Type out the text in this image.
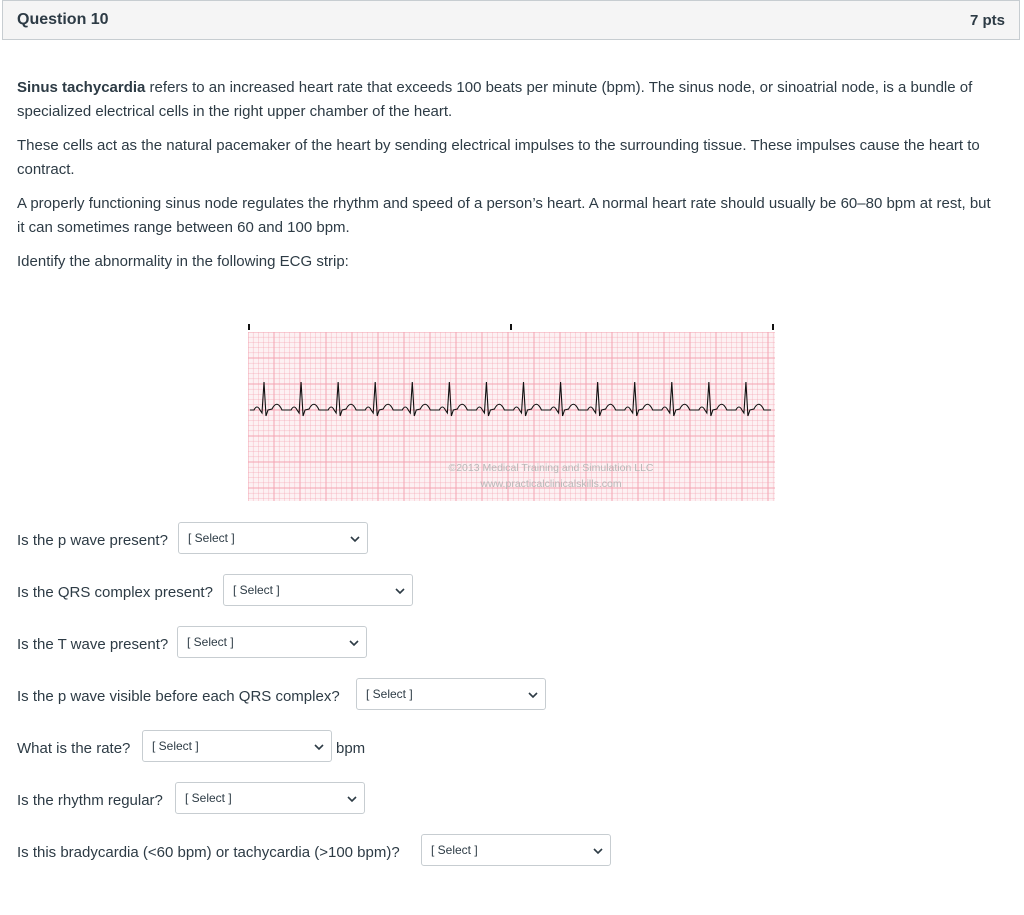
Question 10	7 pts

Sinus tachycardia refers to an increased heart rate that exceeds 100 beats per minute (bpm). The sinus node, or sinoatrial node, is a bundle of specialized electrical cells in the right upper chamber of the heart.

These cells act as the natural pacemaker of the heart by sending electrical impulses to the surrounding tissue. These impulses cause the heart to contract.

A properly functioning sinus node regulates the rhythm and speed of a person’s heart. A normal heart rate should usually be 60–80 bpm at rest, but it can sometimes range between 60 and 100 bpm.

Identify the abnormality in the following ECG strip:

©2013 Medical Training and Simulation LLC
www.practicalclinicalskills.com
Is the p wave present? [ Select ]
Is the QRS complex present? [ Select ]
Is the T wave present? [ Select ]
Is the p wave visible before each QRS complex? [ Select ]
What is the rate? [ Select ]	bpm
Is the rhythm regular? [ Select ]
Is this bradycardia (<60 bpm) or tachycardia (>100 bpm)?	[ Select ]
